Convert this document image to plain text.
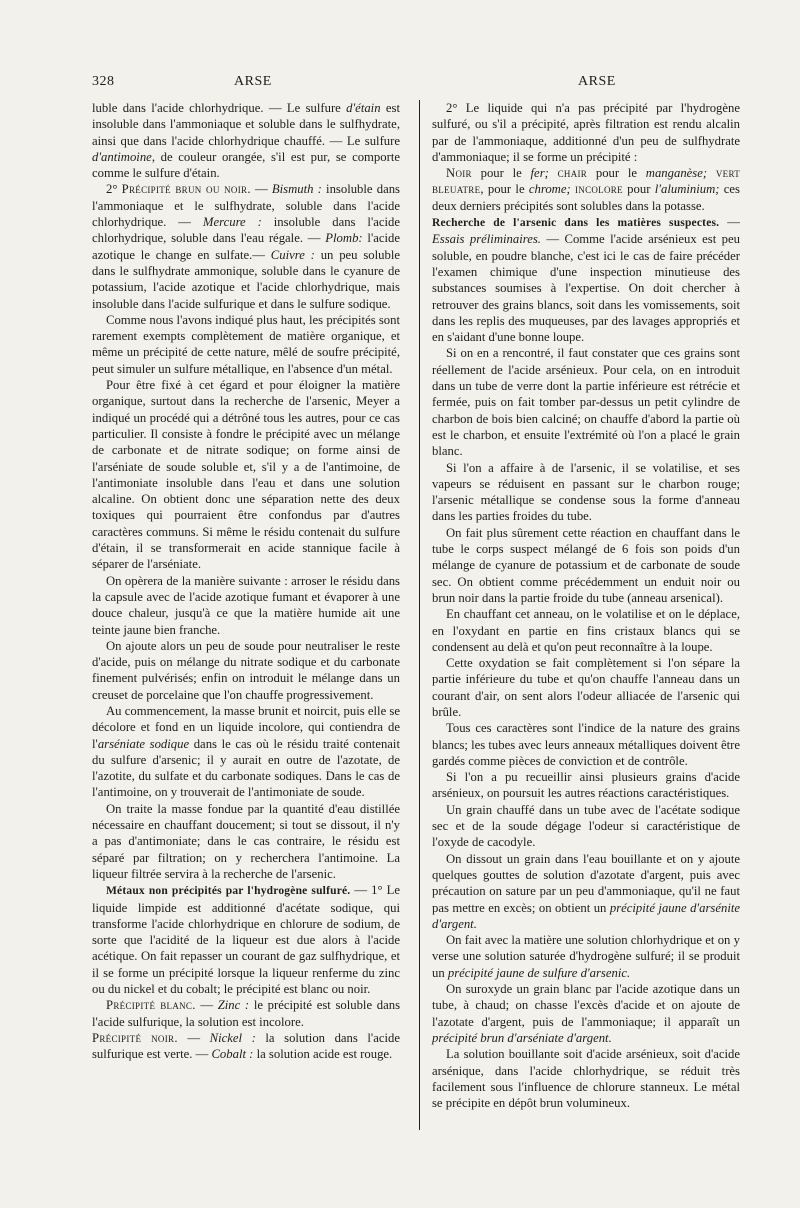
328	ARSE	ARSE

luble dans l'acide chlorhydrique. — Le sulfure d'étain est insoluble dans l'ammoniaque et soluble dans le sulfhydrate, ainsi que dans l'acide chlorhydrique chauffé. — Le sulfure d'antimoine, de couleur orangée, s'il est pur, se comporte comme le sulfure d'étain.

2° Précipité brun ou noir. — Bismuth : insoluble dans l'ammoniaque et le sulfhydrate, soluble dans l'acide chlorhydrique. — Mercure : insoluble dans l'acide chlorhydrique, soluble dans l'eau régale. — Plomb: l'acide azotique le change en sulfate.— Cuivre : un peu soluble dans le sulfhydrate ammonique, soluble dans le cyanure de potassium, l'acide azotique et l'acide chlorhydrique, mais insoluble dans l'acide sulfurique et dans le sulfure sodique.

Comme nous l'avons indiqué plus haut, les précipités sont rarement exempts complètement de matière organique, et même un précipité de cette nature, mêlé de soufre précipité, peut simuler un sulfure métallique, en l'absence d'un métal.

Pour être fixé à cet égard et pour éloigner la matière organique, surtout dans la recherche de l'arsenic, Meyer a indiqué un procédé qui a détrôné tous les autres, pour ce cas particulier. Il consiste à fondre le précipité avec un mélange de carbonate et de nitrate sodique; on forme ainsi de l'arséniate de soude soluble et, s'il y a de l'antimoine, de l'antimoniate insoluble dans l'eau et dans une solution alcaline. On obtient donc une séparation nette des deux toxiques qui pourraient être confondus par d'autres caractères communs. Si même le résidu contenait du sulfure d'étain, il se transformerait en acide stannique facile à séparer de l'arséniate.

On opèrera de la manière suivante : arroser le résidu dans la capsule avec de l'acide azotique fumant et évaporer à une douce chaleur, jusqu'à ce que la matière humide ait une teinte jaune bien franche.

On ajoute alors un peu de soude pour neutraliser le reste d'acide, puis on mélange du nitrate sodique et du carbonate finement pulvérisés; enfin on introduit le mélange dans un creuset de porcelaine que l'on chauffe progressivement.

Au commencement, la masse brunit et noircit, puis elle se décolore et fond en un liquide incolore, qui contiendra de l'arséniate sodique dans le cas où le résidu traité contenait du sulfure d'arsenic; il y aurait en outre de l'azotate, de l'azotite, du sulfate et du carbonate sodiques. Dans le cas de l'antimoine, on y trouverait de l'antimoniate de soude.

On traite la masse fondue par la quantité d'eau distillée nécessaire en chauffant doucement; si tout se dissout, il n'y a pas d'antimoniate; dans le cas contraire, le résidu est séparé par filtration; on y recherchera l'antimoine. La liqueur filtrée servira à la recherche de l'arsenic.

Métaux non précipités par l'hydrogène sulfuré. — 1° Le liquide limpide est additionné d'acétate sodique, qui transforme l'acide chlorhydrique en chlorure de sodium, de sorte que l'acidité de la liqueur est due alors à l'acide acétique. On fait repasser un courant de gaz sulfhydrique, et il se forme un précipité lorsque la liqueur renferme du zinc ou du nickel et du cobalt; le précipité est blanc ou noir.

Précipité blanc. — Zinc : le précipité est soluble dans l'acide sulfurique, la solution est incolore.

Précipité noir. — Nickel : la solution dans l'acide sulfurique est verte. — Cobalt : la solution acide est rouge.

2° Le liquide qui n'a pas précipité par l'hydrogène sulfuré, ou s'il a précipité, après filtration est rendu alcalin par de l'ammoniaque, additionné d'un peu de sulfhydrate d'ammoniaque; il se forme un précipité :

Noir pour le fer; chair pour le manganèse; vert bleuatre, pour le chrome; incolore pour l'aluminium; ces deux derniers précipités sont solubles dans la potasse.

Recherche de l'arsenic dans les matières suspectes. — Essais préliminaires. — Comme l'acide arsénieux est peu soluble, en poudre blanche, c'est ici le cas de faire précéder l'examen chimique d'une inspection minutieuse des substances soumises à l'expertise. On doit chercher à retrouver des grains blancs, soit dans les vomissements, soit dans les replis des muqueuses, par des lavages appropriés et en s'aidant d'une bonne loupe.

Si on en a rencontré, il faut constater que ces grains sont réellement de l'acide arsénieux. Pour cela, on en introduit dans un tube de verre dont la partie inférieure est rétrécie et fermée, puis on fait tomber par-dessus un petit cylindre de charbon de bois bien calciné; on chauffe d'abord la partie où est le charbon, et ensuite l'extrémité où l'on a placé le grain blanc.

Si l'on a affaire à de l'arsenic, il se volatilise, et ses vapeurs se réduisent en passant sur le charbon rouge; l'arsenic métallique se condense sous la forme d'anneau dans les parties froides du tube.

On fait plus sûrement cette réaction en chauffant dans le tube le corps suspect mélangé de 6 fois son poids d'un mélange de cyanure de potassium et de carbonate de soude sec. On obtient comme précédemment un enduit noir ou brun noir dans la partie froide du tube (anneau arsenical).

En chauffant cet anneau, on le volatilise et on le déplace, en l'oxydant en partie en fins cristaux blancs qui se condensent au delà et qu'on peut reconnaître à la loupe.

Cette oxydation se fait complètement si l'on sépare la partie inférieure du tube et qu'on chauffe l'anneau dans un courant d'air, on sent alors l'odeur alliacée de l'arsenic qui brûle.

Tous ces caractères sont l'indice de la nature des grains blancs; les tubes avec leurs anneaux métalliques doivent être gardés comme pièces de conviction et de contrôle.

Si l'on a pu recueillir ainsi plusieurs grains d'acide arsénieux, on poursuit les autres réactions caractéristiques.

Un grain chauffé dans un tube avec de l'acétate sodique sec et de la soude dégage l'odeur si caractéristique de l'oxyde de cacodyle.

On dissout un grain dans l'eau bouillante et on y ajoute quelques gouttes de solution d'azotate d'argent, puis avec précaution on sature par un peu d'ammoniaque, qu'il ne faut pas mettre en excès; on obtient un précipité jaune d'arsénite d'argent.

On fait avec la matière une solution chlorhydrique et on y verse une solution saturée d'hydrogène sulfuré; il se produit un précipité jaune de sulfure d'arsenic.

On suroxyde un grain blanc par l'acide azotique dans un tube, à chaud; on chasse l'excès d'acide et on ajoute de l'azotate d'argent, puis de l'ammoniaque; il apparaît un précipité brun d'arséniate d'argent.

La solution bouillante soit d'acide arsénieux, soit d'acide arsénique, dans l'acide chlorhydrique, se réduit très facilement sous l'influence de chlorure stanneux. Le métal se précipite en dépôt brun volumineux.
